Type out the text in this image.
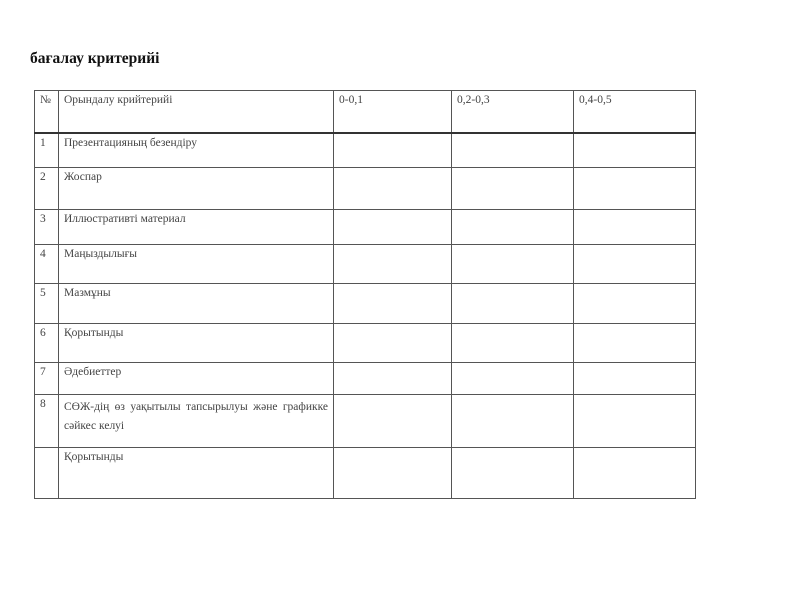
бағалау критерийі
№	Орындалу крийтерийі	0-0,1	0,2-0,3	0,4-0,5
1	Презентацияның безендіру			
2	Жоспар			
3	Иллюстративті материал			
4	Маңыздылығы			
5	Мазмұны			
6	Қорытынды			
7	Әдебиеттер			
8	СӨЖ-дің өз уақытылы тапсырылуы және графикке сәйкес келуі			
	Қорытынды			
